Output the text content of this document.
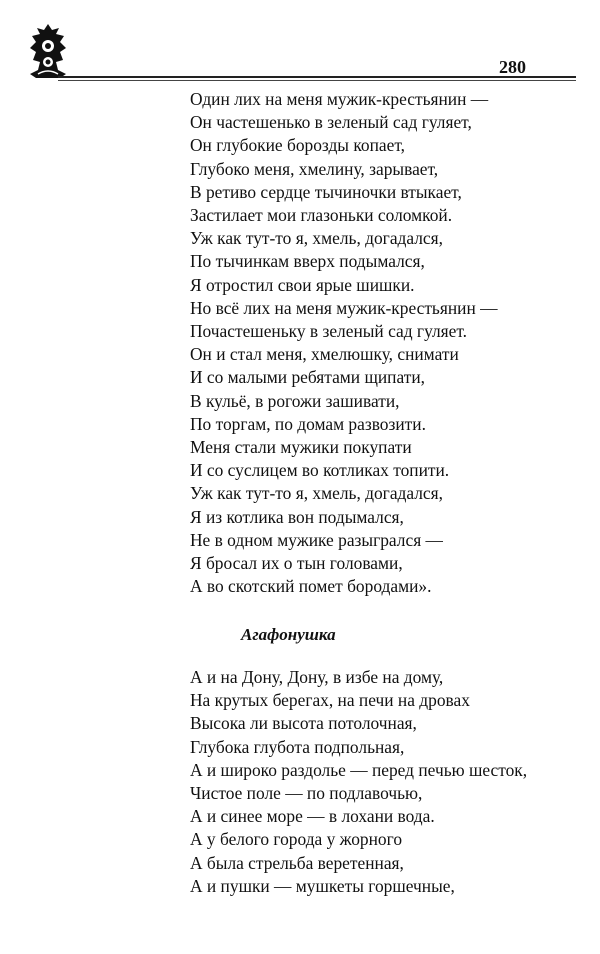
280
Один лих на меня мужик-крестьянин —
Он частешенько в зеленый сад гуляет,
Он глубокие борозды копает,
Глубоко меня, хмелину, зарывает,
В ретиво сердце тычиночки втыкает,
Застилает мои глазоньки соломкой.
Уж как тут-то я, хмель, догадался,
По тычинкам вверх подымался,
Я отростил свои ярые шишки.
Но всё лих на меня мужик-крестьянин —
Почастешеньку в зеленый сад гуляет.
Он и стал меня, хмелюшку, снимати
И со малыми ребятами щипати,
В кульё, в рогожи зашивати,
По торгам, по домам развозити.
Меня стали мужики покупати
И со суслицем во котликах топити.
Уж как тут-то я, хмель, догадался,
Я из котлика вон подымался,
Не в одном мужике разыгрался —
Я бросал их о тын головами,
А во скотский помет бородами».
Агафонушка
А и на Дону, Дону, в избе на дому,
На крутых берегах, на печи на дровах
Высока ли высота потолочная,
Глубока глубота подпольная,
А и широко раздолье — перед печью шесток,
Чистое поле — по подлавочью,
А и синее море — в лохани вода.
А у белого города у жорного
А была стрельба веретенная,
А и пушки — мушкеты горшечные,
